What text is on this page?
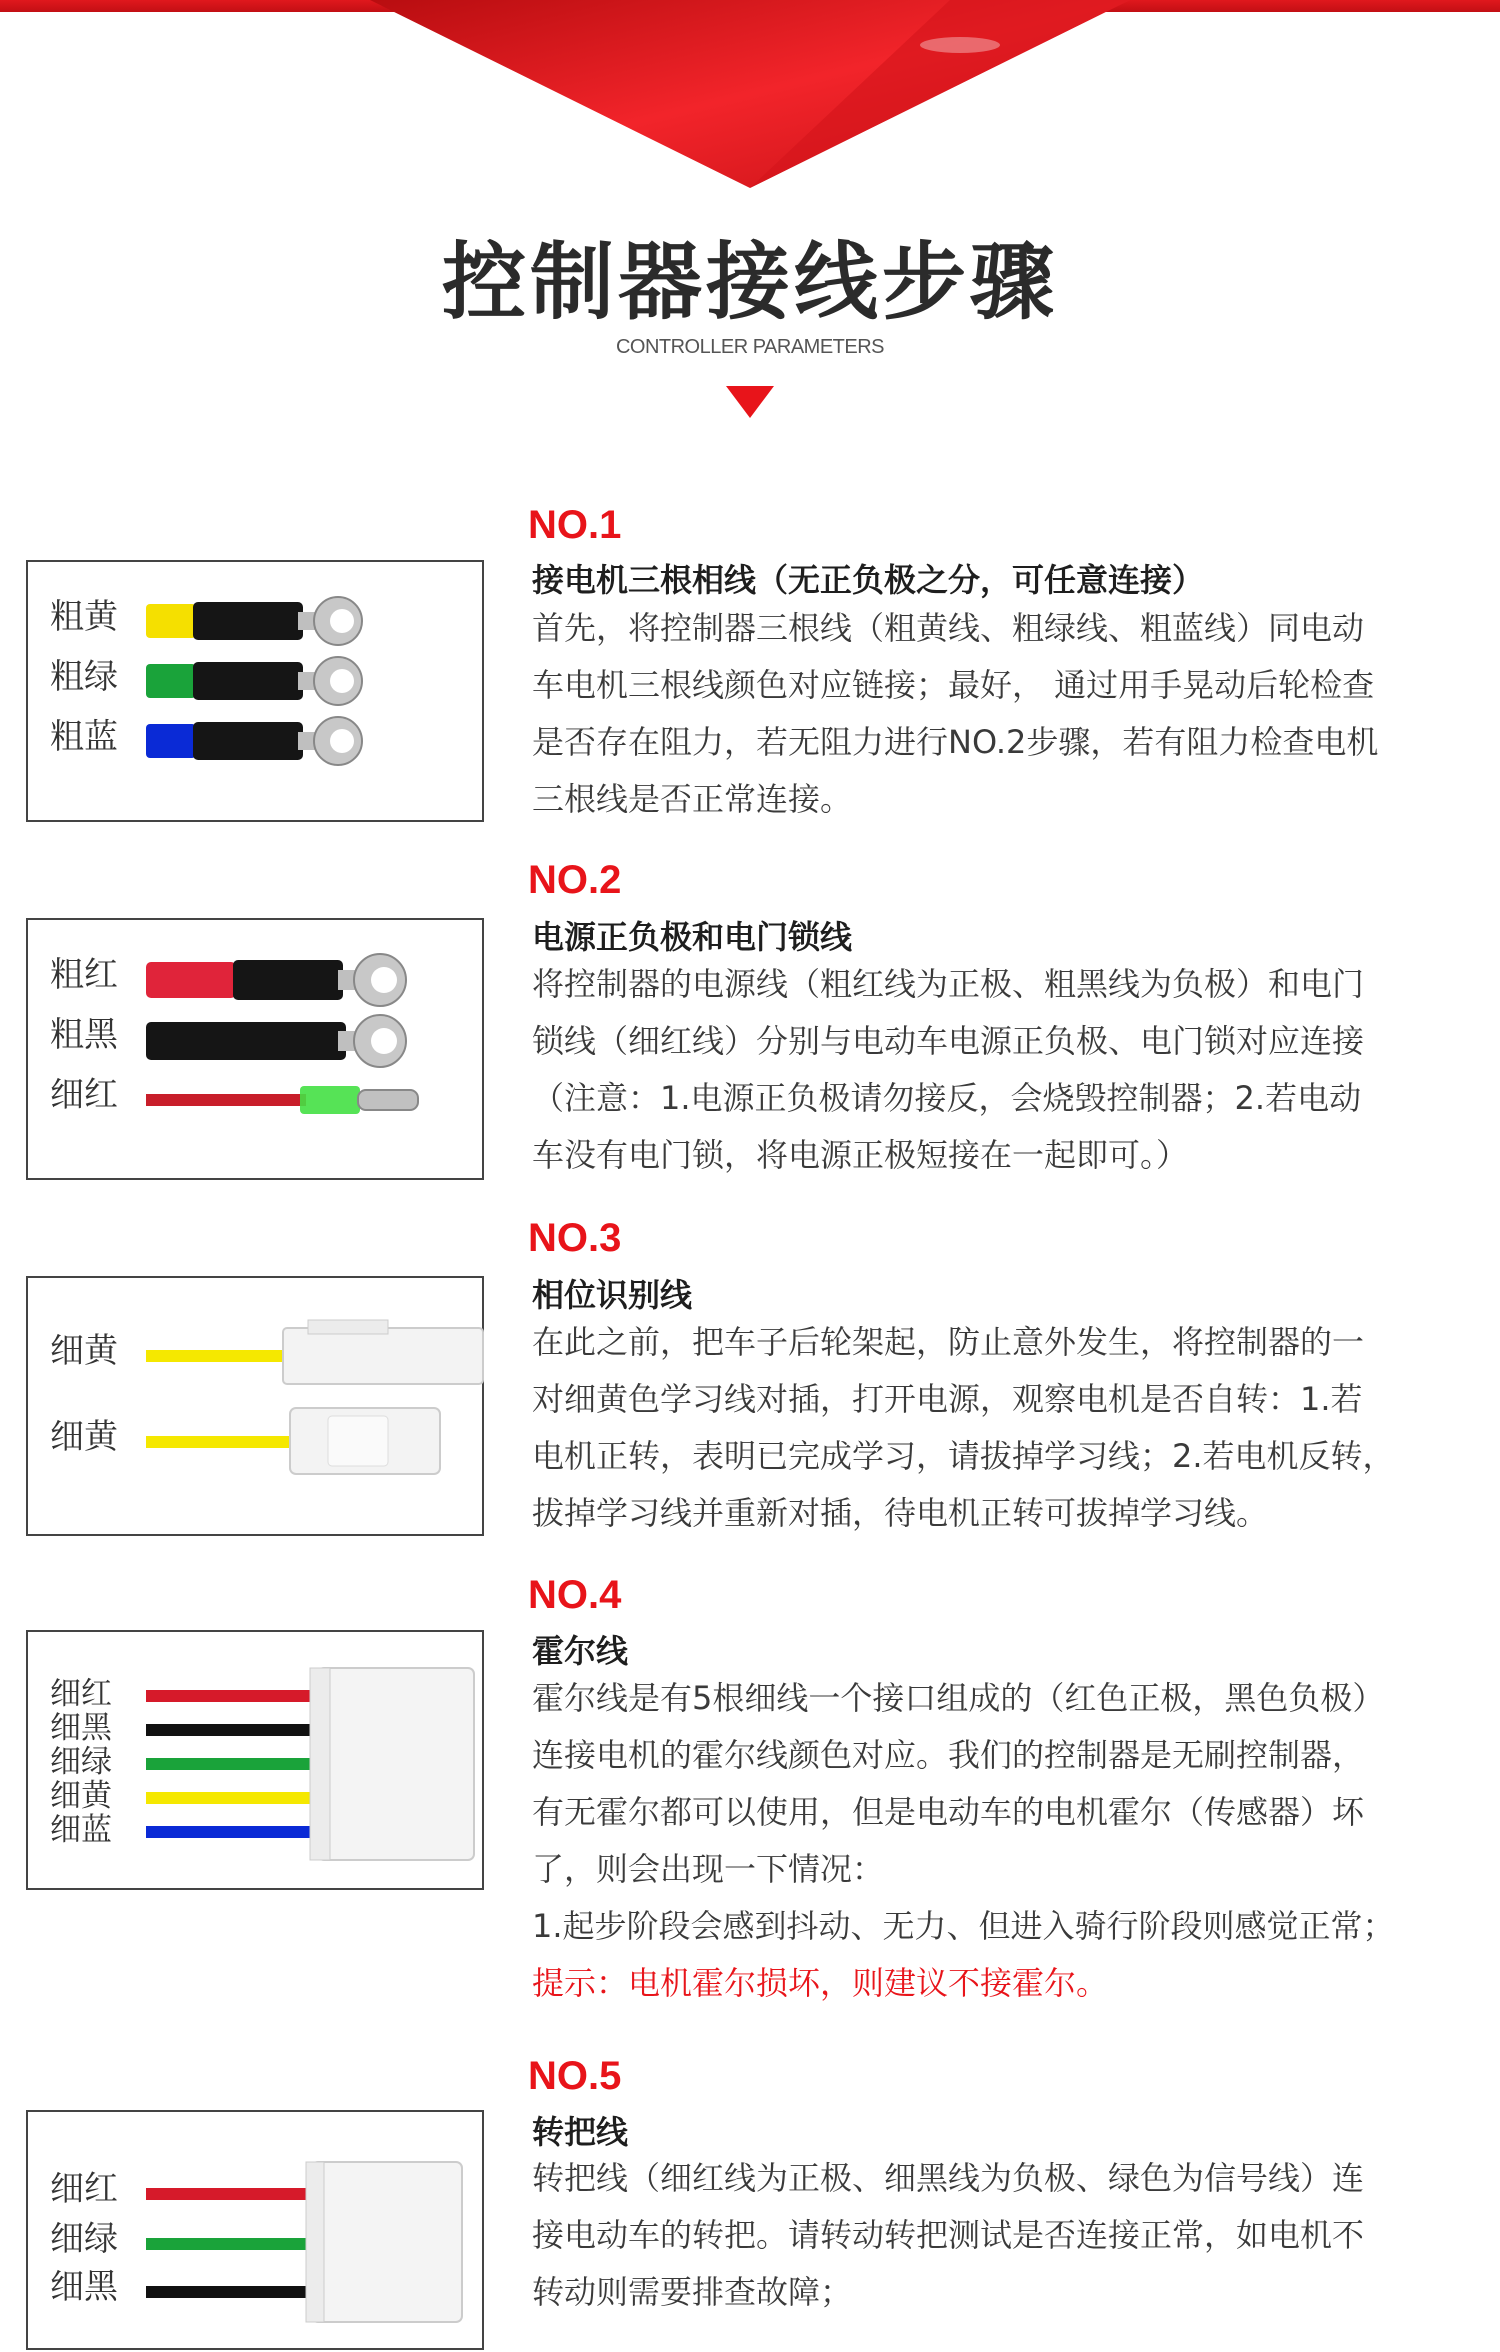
控制器接线步骤
CONTROLLER PARAMETERS
NO.1
接电机三根相线（无正负极之分，可任意连接）
首先，将控制器三根线（粗黄线、粗绿线、粗蓝线）同电动
车电机三根线颜色对应链接；最好， 通过用手晃动后轮检查
是否存在阻力，若无阻力进行NO.2步骤，若有阻力检查电机
三根线是否正常连接。
粗黄
粗绿
粗蓝
NO.2
电源正负极和电门锁线
将控制器的电源线（粗红线为正极、粗黑线为负极）和电门
锁线（细红线）分别与电动车电源正负极、电门锁对应连接
（注意：1.电源正负极请勿接反，会烧毁控制器；2.若电动
车没有电门锁，将电源正极短接在一起即可。）
粗红
粗黑
细红
NO.3
相位识别线
在此之前，把车子后轮架起，防止意外发生，将控制器的一
对细黄色学习线对插，打开电源，观察电机是否自转：1.若
电机正转，表明已完成学习，请拔掉学习线；2.若电机反转，
拔掉学习线并重新对插，待电机正转可拔掉学习线。
细黄
细黄
NO.4
霍尔线
霍尔线是有5根细线一个接口组成的（红色正极，黑色负极）
连接电机的霍尔线颜色对应。我们的控制器是无刷控制器，
有无霍尔都可以使用，但是电动车的电机霍尔（传感器）坏
了，则会出现一下情况：
1.起步阶段会感到抖动、无力、但进入骑行阶段则感觉正常；
提示：电机霍尔损坏，则建议不接霍尔。
细红
细黑
细绿
细黄
细蓝
NO.5
转把线
转把线（细红线为正极、细黑线为负极、绿色为信号线）连
接电动车的转把。请转动转把测试是否连接正常，如电机不
转动则需要排查故障；
细红
细绿
细黑
